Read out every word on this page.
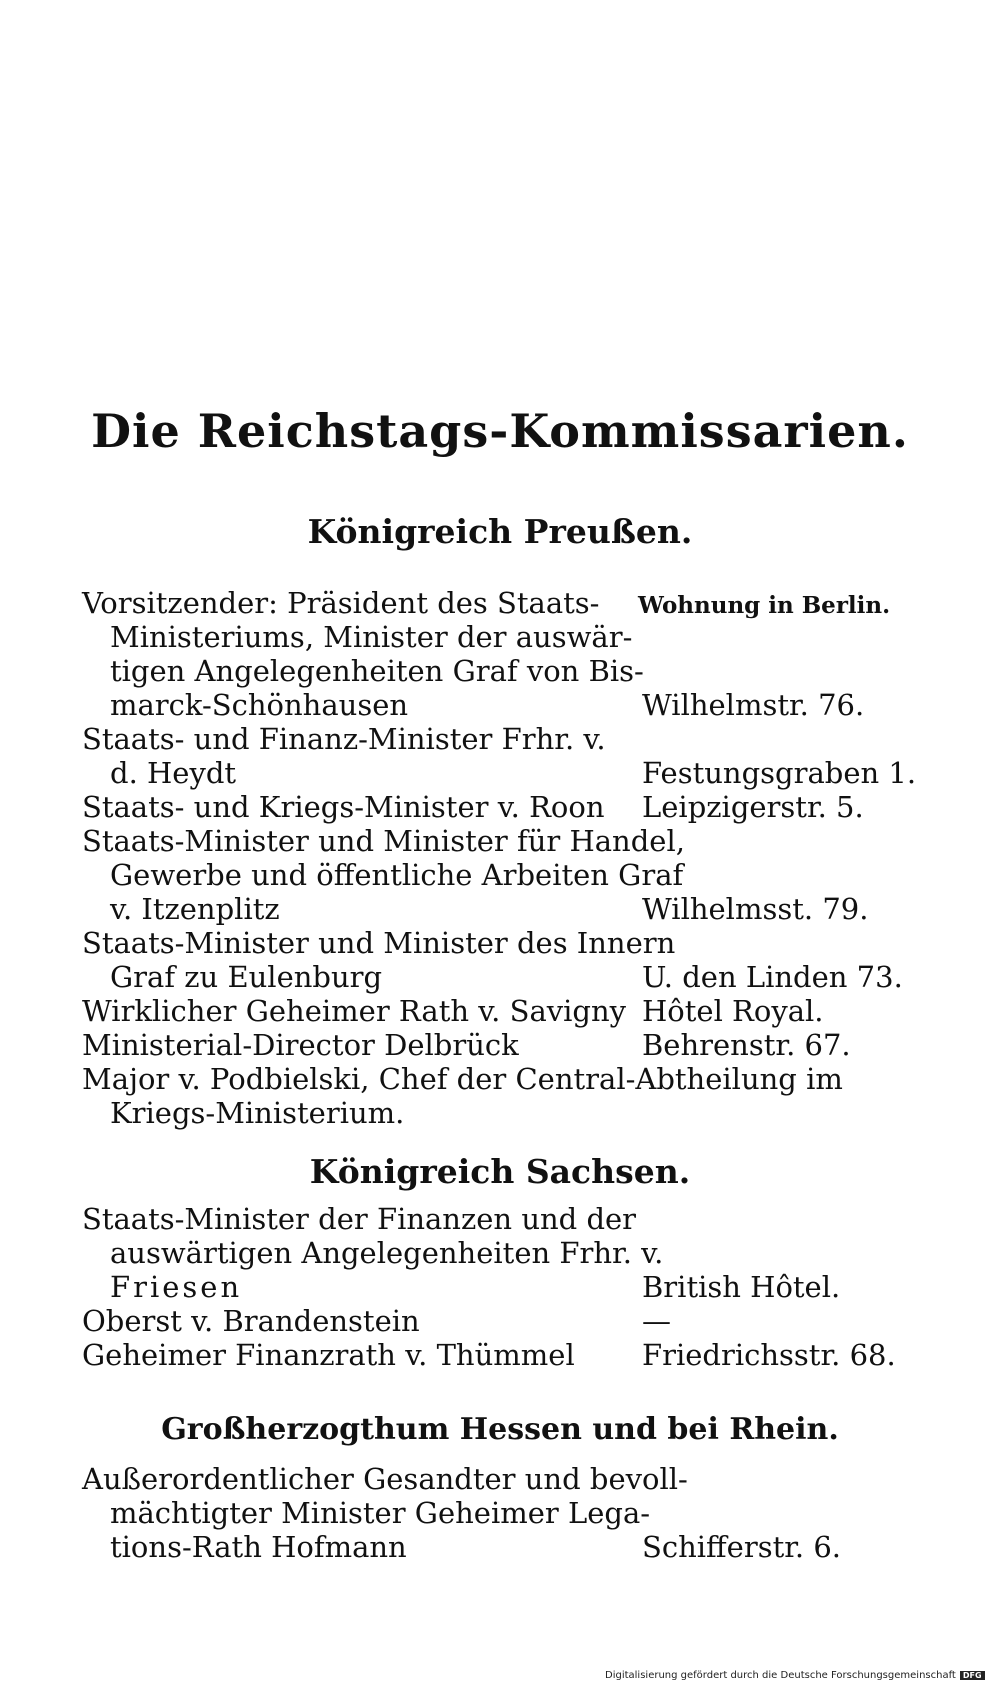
Die Reichstags-Kommissarien.
Königreich Preußen.
Wohnung in Berlin.
Vorsitzender: Präsident des Staats-
Ministeriums, Minister der auswär-
tigen Angelegenheiten Graf von Bis-
marck-Schönhausen	Wilhelmstr. 76.
Staats- und Finanz-Minister Frhr. v.
d. Heydt	Festungsgraben 1.
Staats- und Kriegs-Minister v. Roon Leipzigerstr. 5.
Staats-Minister und Minister für Handel,
Gewerbe und öffentliche Arbeiten Graf
v. Itzenplitz	Wilhelmsst. 79.
Staats-Minister und Minister des Innern
Graf zu Eulenburg	U. den Linden 73.
Wirklicher Geheimer Rath v. Savigny Hôtel Royal.
Ministerial-Director Delbrück	Behrenstr. 67.
Major v. Podbielski, Chef der Central-Abtheilung im
Kriegs-Ministerium.
Königreich Sachsen.
Staats-Minister der Finanzen und der
auswärtigen Angelegenheiten Frhr. v.
Friesen	British Hôtel.
Oberst v. Brandenstein	—
Geheimer Finanzrath v. Thümmel Friedrichsstr. 68.
Großherzogthum Hessen und bei Rhein.
Außerordentlicher Gesandter und bevoll-
mächtigter Minister Geheimer Lega-
tions-Rath Hofmann	Schifferstr. 6.
Digitalisierung gefördert durch die Deutsche Forschungsgemeinschaft DFG
